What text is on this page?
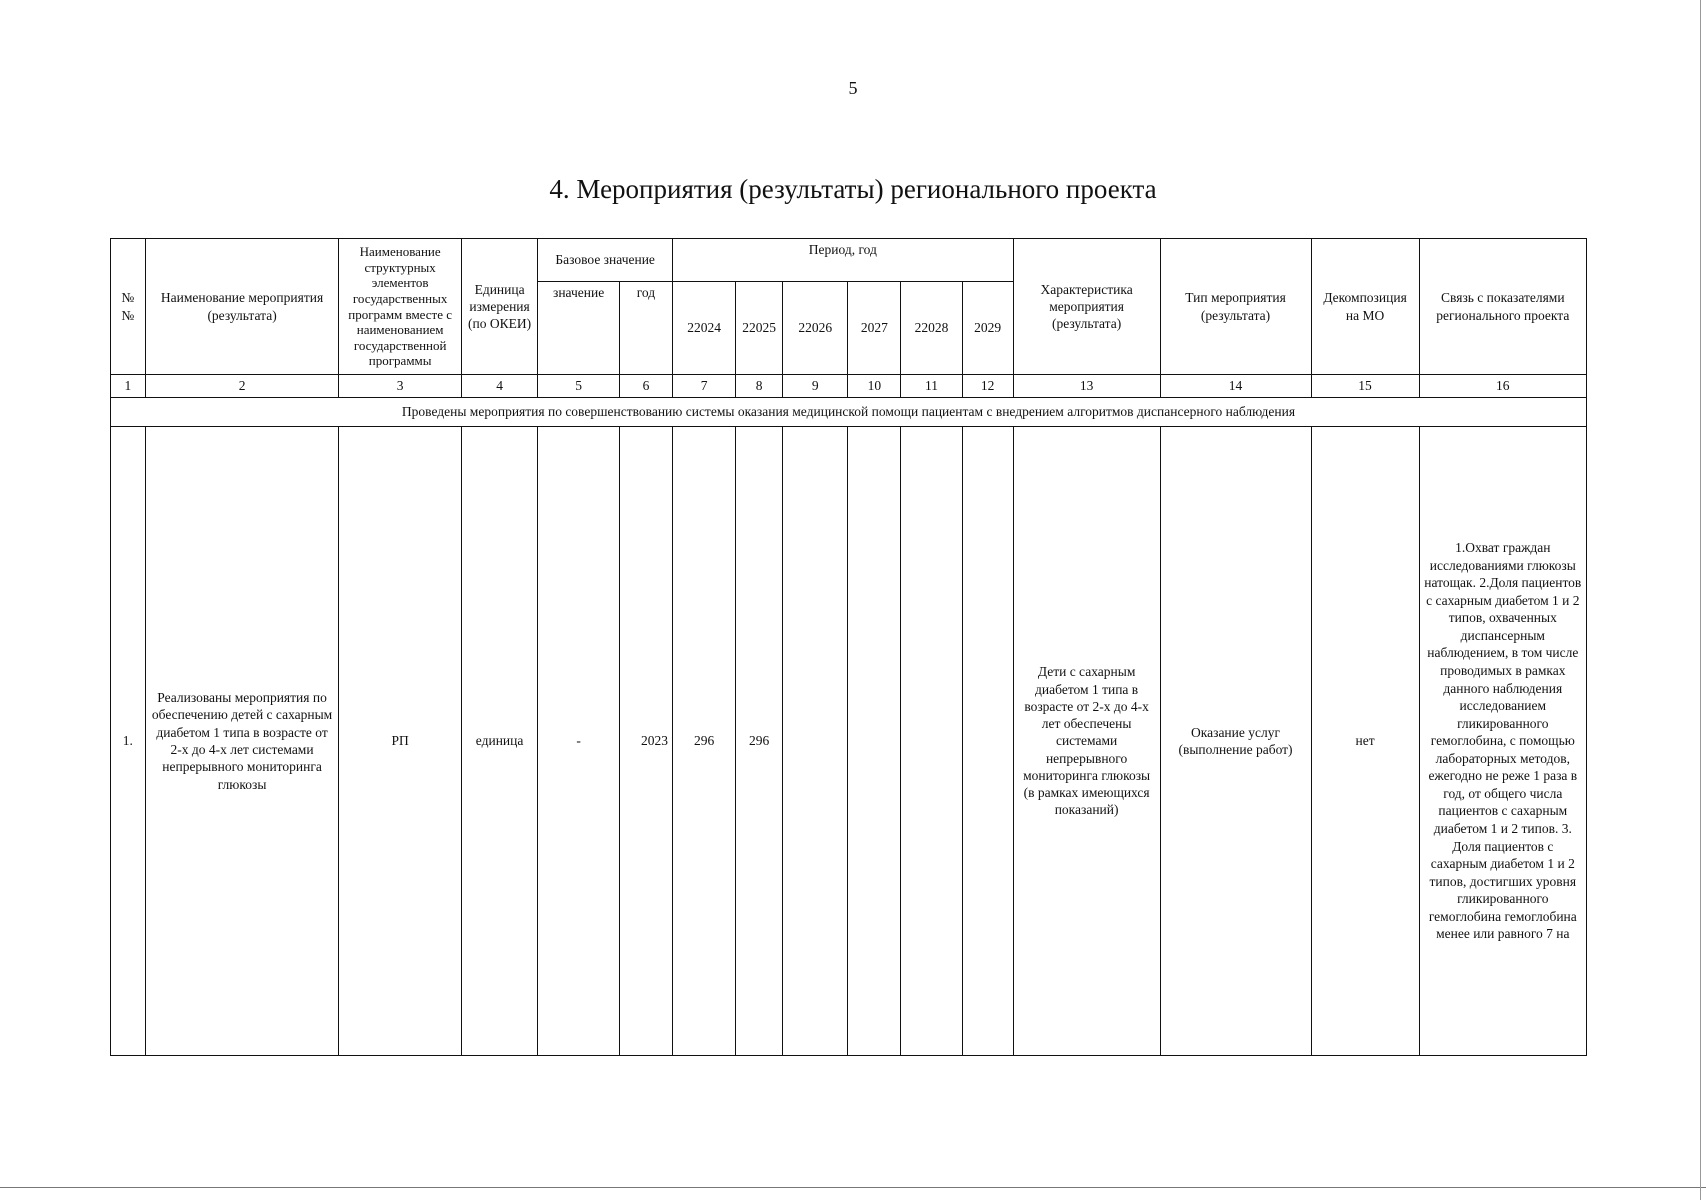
5
4. Мероприятия (результаты) регионального проекта
№№	Наименование мероприятия (результата)	Наименование структурных элементов государственных программ вместе с наименованием государственной программы	Единица измерения (по ОКЕИ)	Базовое значение		Период, год						Характеристика мероприятия (результата)	Тип мероприятия (результата)	Декомпозиция на МО	Связь с показателями регионального проекта
						22024	22025	22026	2027	22028	2029				
				значение	год										
1	2	3	4	5	6	7	8	9	10	11	12	13	14	15	16
Проведены мероприятия по совершенствованию системы оказания медицинской помощи пациентам с внедрением алгоритмов диспансерного наблюдения															
1.	Реализованы мероприятия по обеспечению детей с сахарным диабетом 1 типа в возрасте от 2-х до 4-х лет системами непрерывного мониторинга глюкозы	РП	единица	-	2023	296	296					Дети с сахарным диабетом 1 типа в возрасте от 2-х до 4-х лет обеспечены системами непрерывного мониторинга глюкозы (в рамках имеющихся показаний)	Оказание услуг (выполнение работ)	нет	1.Охват граждан исследованиями глюкозы натощак. 2.Доля пациентов с сахарным диабетом 1 и 2 типов, охваченных диспансерным наблюдением, в том числе проводимых в рамках данного наблюдения исследованием гликированного гемоглобина, с помощью лабораторных методов, ежегодно не реже 1 раза в год, от общего числа пациентов с сахарным диабетом 1 и 2 типов. 3. Доля пациентов с сахарным диабетом 1 и 2 типов, достигших уровня гликированного гемоглобина гемоглобина менее или равного 7 на
